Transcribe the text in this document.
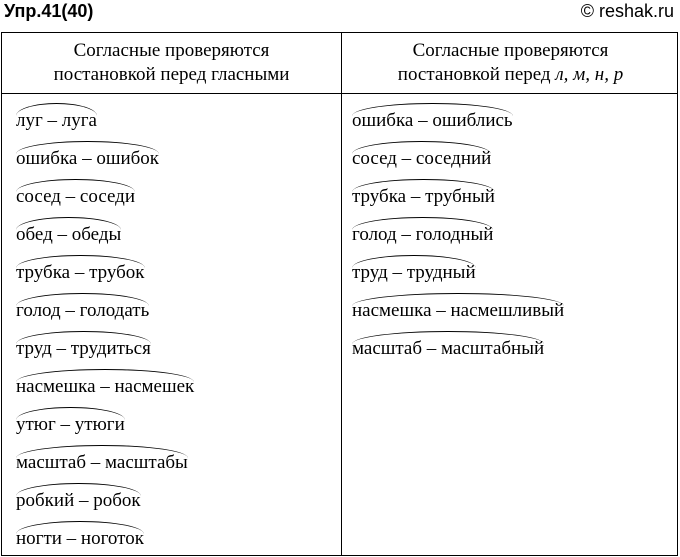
Упр.41(40)	© reshak.ru
Согласные проверяются
постановкой перед гласными
Согласные проверяются
постановкой перед л, м, н, р
луг – луга
ошибка – ошибок
сосед – соседи
обед – обеды
трубка – трубок
голод – голодать
труд – трудиться
насмешка – насмешек
утюг – утюги
масштаб – масштабы
робкий – робок
ногти – ноготок
ошибка – ошиблись
сосед – соседний
трубка – трубный
голод – голодный
труд – трудный
насмешка – насмешливый
масштаб – масштабный
